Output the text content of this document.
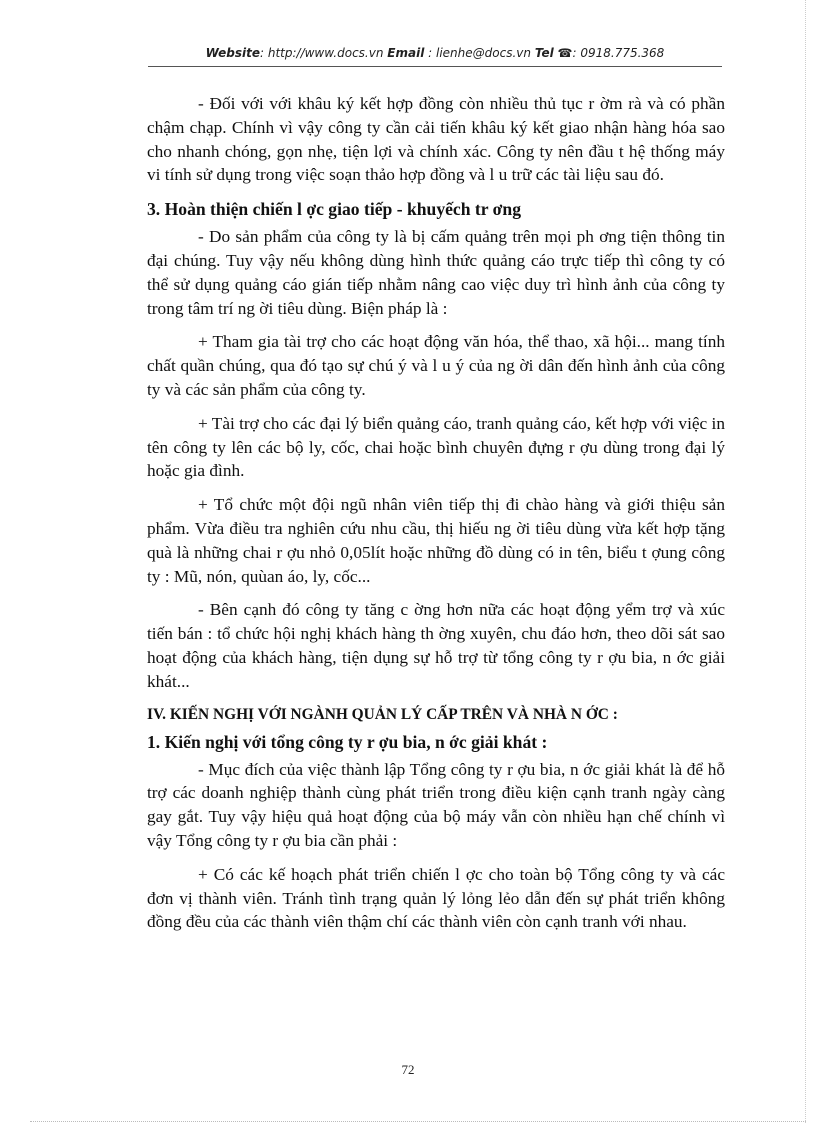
Website: http://www.docs.vn Email : lienhe@docs.vn Tel ☎: 0918.775.368

- Đối với với khâu ký kết hợp đồng còn nhiều thủ tục r ờm rà và có phần chậm chạp. Chính vì vậy công ty cần cải tiến khâu ký kết giao nhận hàng hóa sao cho nhanh chóng, gọn nhẹ, tiện lợi và chính xác. Công ty nên đầu t hệ thống máy vi tính sử dụng trong việc soạn thảo hợp đồng và l u trữ các tài liệu sau đó.

3. Hoàn thiện chiến l ợc giao tiếp - khuyếch tr ơng

- Do sản phẩm của công ty là bị cấm quảng trên mọi ph ơng tiện thông tin đại chúng. Tuy vậy nếu không dùng hình thức quảng cáo trực tiếp thì công ty có thể sử dụng quảng cáo gián tiếp nhằm nâng cao việc duy trì hình ảnh của công ty trong tâm trí ng ời tiêu dùng. Biện pháp là :

+ Tham gia tài trợ cho các hoạt động văn hóa, thể thao, xã hội... mang tính chất quần chúng, qua đó tạo sự chú ý và l u ý của ng ời dân đến hình ảnh của công ty và các sản phẩm của công ty.

+ Tài trợ cho các đại lý biển quảng cáo, tranh quảng cáo, kết hợp với việc in tên công ty lên các bộ ly, cốc, chai hoặc bình chuyên đựng r ợu dùng trong đại lý hoặc gia đình.

+ Tổ chức một đội ngũ nhân viên tiếp thị đi chào hàng và giới thiệu sản phẩm. Vừa điều tra nghiên cứu nhu cầu, thị hiếu ng ời tiêu dùng vừa kết hợp tặng quà là những chai r ợu nhỏ 0,05lít hoặc những đồ dùng có in tên, biểu t ợung công ty : Mũ, nón, quùan áo, ly, cốc...

- Bên cạnh đó công ty tăng c ờng hơn nữa các hoạt động yểm trợ và xúc tiến bán : tổ chức hội nghị khách hàng th ờng xuyên, chu đáo hơn, theo dõi sát sao hoạt động của khách hàng, tiện dụng sự hỗ trợ từ tổng công ty r ợu bia, n ớc giải khát...

IV. KIẾN NGHỊ VỚI NGÀNH QUẢN LÝ CẤP TRÊN VÀ NHÀ N ỚC :
1. Kiến nghị với tổng công ty r ợu bia, n ớc giải khát :

- Mục đích của việc thành lập Tổng công ty r ợu bia, n ớc giải khát là để hỗ trợ các doanh nghiệp thành cùng phát triển trong điều kiện cạnh tranh ngày càng gay gắt. Tuy vậy hiệu quả hoạt động của bộ máy vẫn còn nhiều hạn chế chính vì vậy Tổng công ty r ợu bia cần phải :

+ Có các kế hoạch phát triển chiến l ợc cho toàn bộ Tổng công ty và các đơn vị thành viên. Tránh tình trạng quản lý lỏng lẻo dẫn đến sự phát triển không đồng đều của các thành viên thậm chí các thành viên còn cạnh tranh với nhau.

72
